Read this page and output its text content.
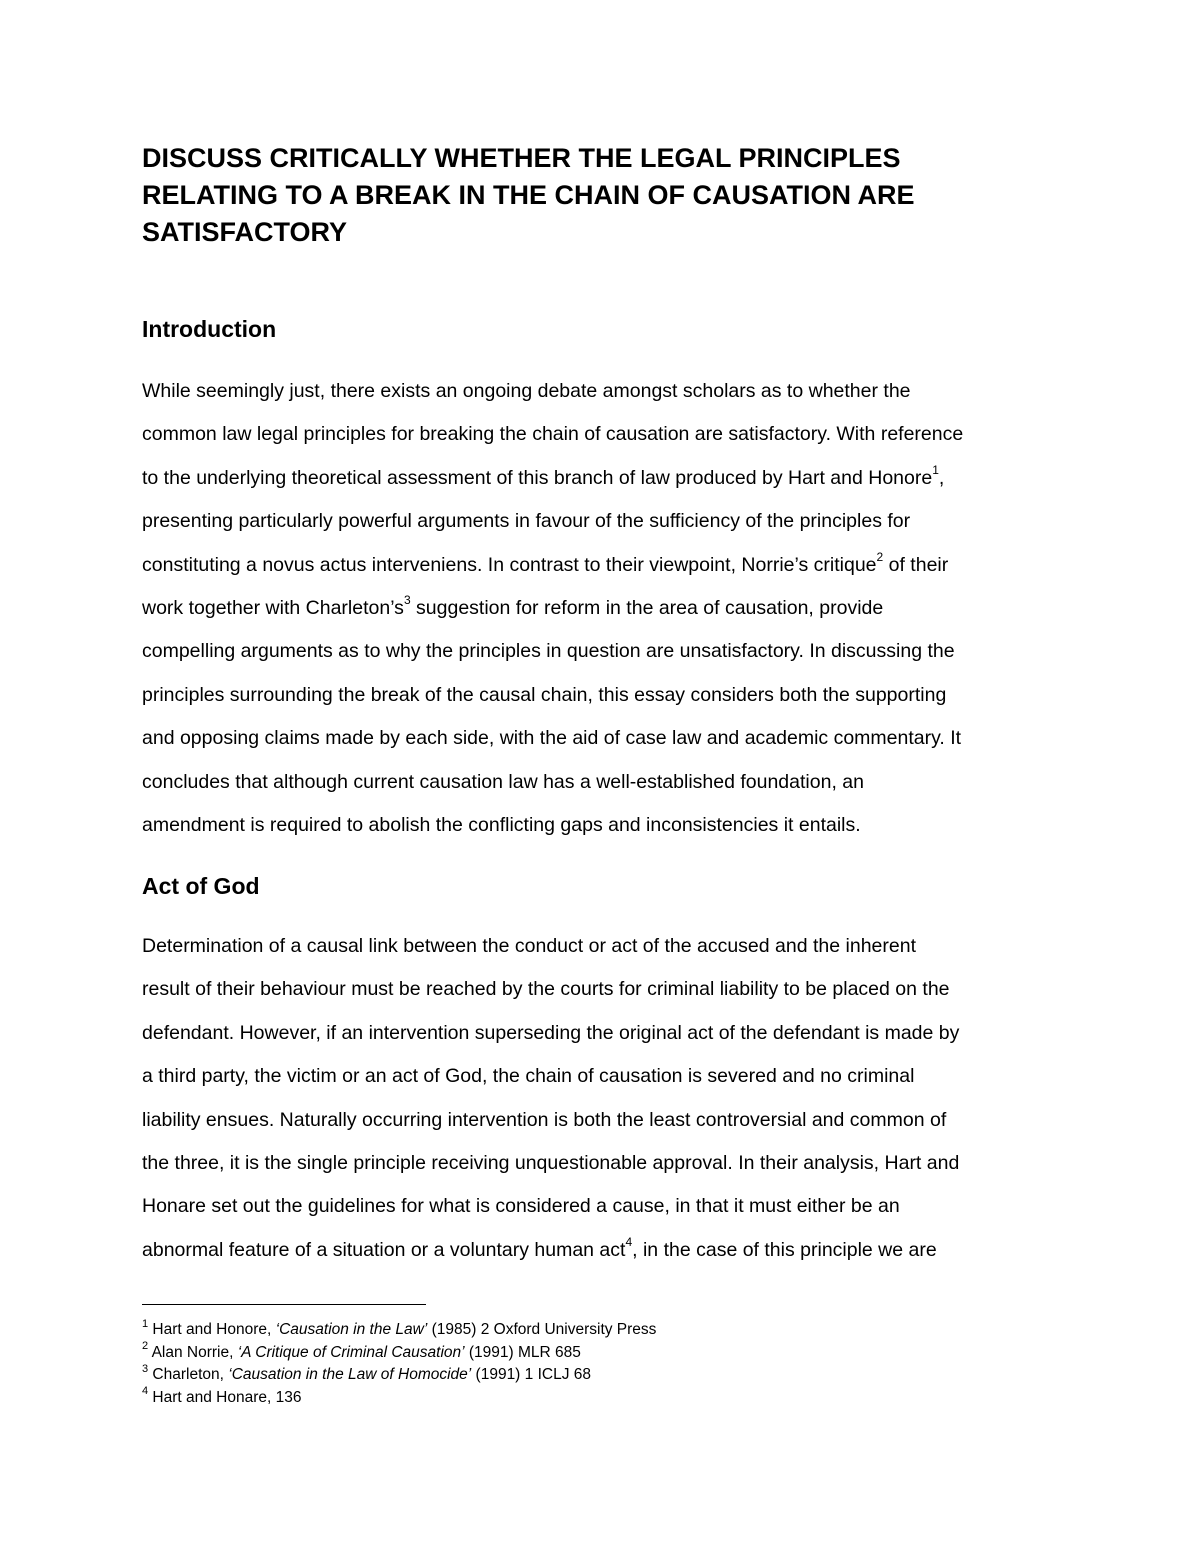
DISCUSS CRITICALLY WHETHER THE LEGAL PRINCIPLES
RELATING TO A BREAK IN THE CHAIN OF CAUSATION ARE
SATISFACTORY
Introduction
While seemingly just, there exists an ongoing debate amongst scholars as to whether the
common law legal principles for breaking the chain of causation are satisfactory. With reference
to the underlying theoretical assessment of this branch of law produced by Hart and Honore$^1$,
presenting particularly powerful arguments in favour of the sufficiency of the principles for
constituting a novus actus interveniens. In contrast to their viewpoint, Norrie’s critique$^2$ of their
work together with $Charleton’s^3$ suggestion for reform in the area of causation, provide
compelling arguments as to why the principles in question are unsatisfactory. In discussing the
principles surrounding the break of the causal chain, this essay considers both the supporting
and opposing claims made by each side, with the aid of case law and academic commentary. It
concludes that although current causation law has a well-established foundation, an
amendment is required to abolish the conflicting gaps and inconsistencies it entails.
Act of God
Determination of a causal link between the conduct or act of the accused and the inherent
result of their behaviour must be reached by the courts for criminal liability to be placed on the
defendant. However, if an intervention superseding the original act of the defendant is made by
a third party, the victim or an act of God, the chain of causation is severed and no criminal
liability ensues. Naturally occurring intervention is both the least controversial and common of
the three, it is the single principle receiving unquestionable approval. In their analysis, Hart and
Honare set out the guidelines for what is considered a cause, in that it must either be an
abnormal feature of a situation or a voluntary human act$^4$, in the case of this principle we are
$^1$ Hart and Honore, ‘Causation in the Law’ (1985) 2 Oxford University Press
$^2$ Alan Norrie, ‘A Critique of Criminal Causation’ (1991) MLR 685
$^3$ Charleton, ‘Causation in the Law of Homocide’ (1991) 1 ICLJ 68
$^4$ Hart and Honare, 136
